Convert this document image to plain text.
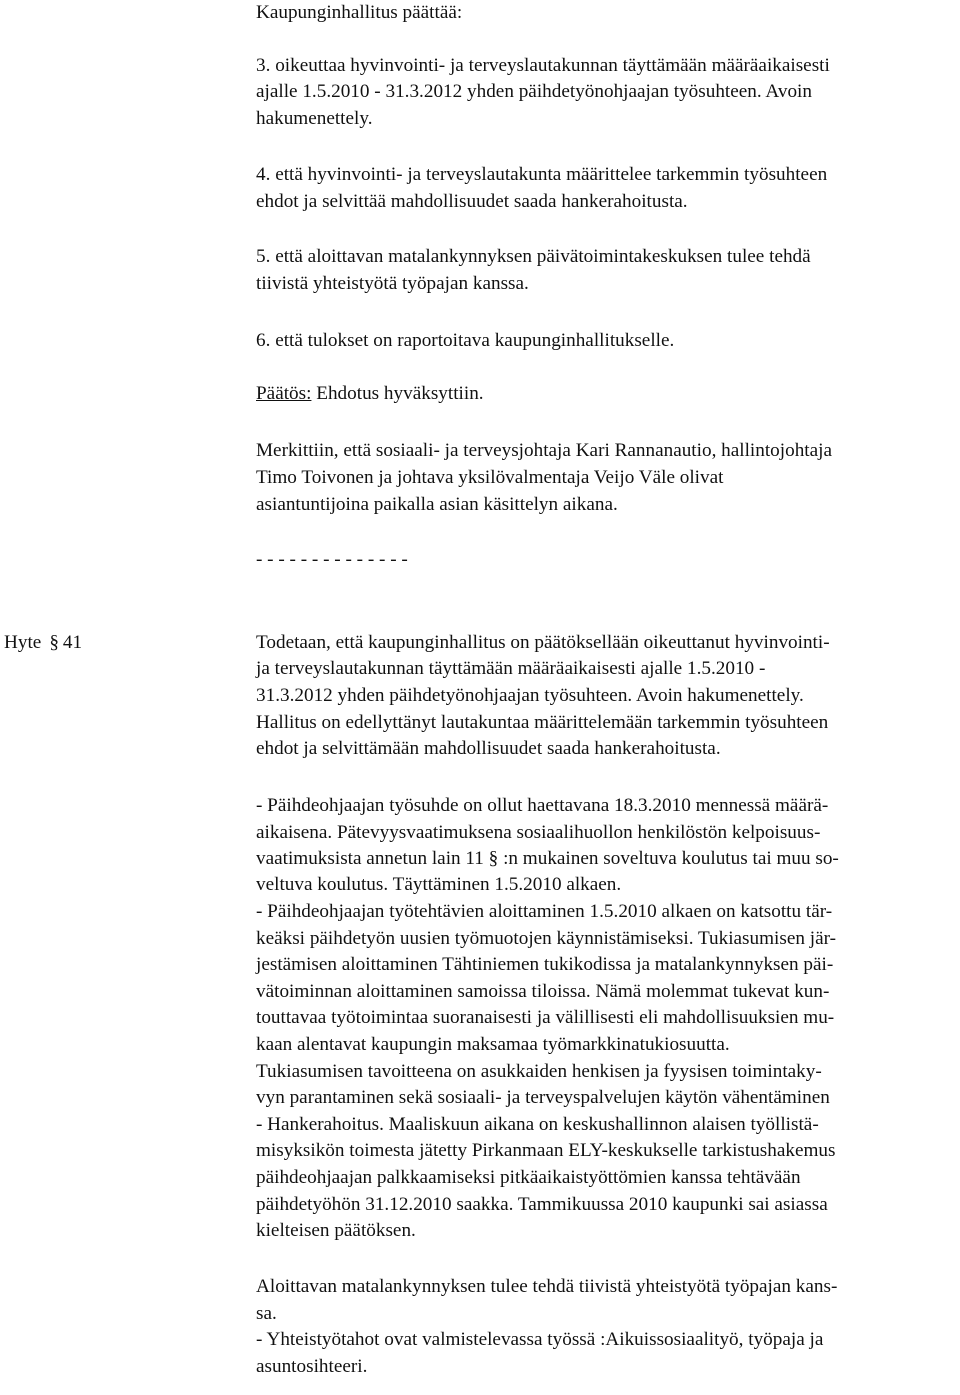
Kaupunginhallitus päättää:
3. oikeuttaa hyvinvointi- ja terveyslautakunnan täyttämään määräaikaisesti
ajalle 1.5.2010 - 31.3.2012 yhden päihdetyönohjaajan työsuhteen. Avoin
hakumenettely.
4. että hyvinvointi- ja terveyslautakunta määrittelee tarkemmin työsuhteen
ehdot ja selvittää mahdollisuudet saada hankerahoitusta.
5. että aloittavan matalankynnyksen päivätoimintakeskuksen tulee tehdä
tiivistä yhteistyötä työpajan kanssa.
6. että tulokset on raportoitava kaupunginhallitukselle.
Päätös: Ehdotus hyväksyttiin.
Merkittiin, että sosiaali- ja terveysjohtaja Kari Rannanautio, hallintojohtaja
Timo Toivonen ja johtava yksilövalmentaja Veijo Väle olivat
asiantuntijoina paikalla asian käsittelyn aikana.
- - - - - - - - - - - - - -
Hyte § 41	Todetaan, että kaupunginhallitus on päätöksellään oikeuttanut hyvinvointi-
ja terveyslautakunnan täyttämään määräaikaisesti ajalle 1.5.2010 -
31.3.2012 yhden päihdetyönohjaajan työsuhteen. Avoin hakumenettely.
Hallitus on edellyttänyt lautakuntaa määrittelemään tarkemmin työsuhteen
ehdot ja selvittämään mahdollisuudet saada hankerahoitusta.
- Päihdeohjaajan työsuhde on ollut haettavana 18.3.2010 mennessä määrä-
aikaisena. Pätevyysvaatimuksena sosiaalihuollon henkilöstön kelpoisuus-
vaatimuksista annetun lain 11 § :n mukainen soveltuva koulutus tai muu so-
veltuva koulutus. Täyttäminen 1.5.2010 alkaen.
- Päihdeohjaajan työtehtävien aloittaminen 1.5.2010 alkaen on katsottu tär-
keäksi päihdetyön uusien työmuotojen käynnistämiseksi. Tukiasumisen jär-
jestämisen aloittaminen Tähtiniemen tukikodissa ja matalankynnyksen päi-
vätoiminnan aloittaminen samoissa tiloissa. Nämä molemmat tukevat kun-
touttavaa työtoimintaa suoranaisesti ja välillisesti eli mahdollisuuksien mu-
kaan alentavat kaupungin maksamaa työmarkkinatukiosuutta.
Tukiasumisen tavoitteena on asukkaiden henkisen ja fyysisen toimintaky-
vyn parantaminen sekä sosiaali- ja terveyspalvelujen käytön vähentäminen
- Hankerahoitus. Maaliskuun aikana on keskushallinnon alaisen työllistä-
misyksikön toimesta jätetty Pirkanmaan ELY-keskukselle tarkistushakemus
päihdeohjaajan palkkaamiseksi pitkäaikaistyöttömien kanssa tehtävään
päihdetyöhön 31.12.2010 saakka. Tammikuussa 2010 kaupunki sai asiassa
kielteisen päätöksen.
Aloittavan matalankynnyksen tulee tehdä tiivistä yhteistyötä työpajan kans-
sa.
- Yhteistyötahot ovat valmistelevassa työssä :Aikuissosiaalityö, työpaja ja
asuntosihteeri.
